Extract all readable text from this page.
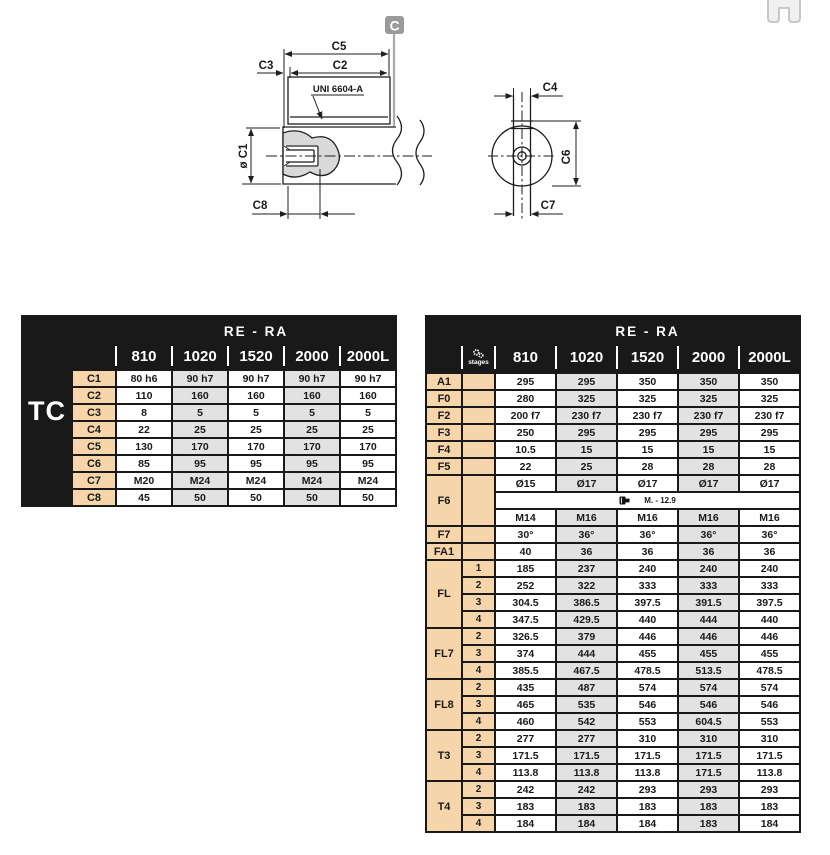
C
C5
C3	C2
UNI 6604-A
ø C1
C8
C4
C6
C7
TC
RE - RA
810	1020	1520	2000	2000L
C1	80 h6	90 h7	90 h7	90 h7	90 h7
C2	110	160	160	160	160
C3	8	5	5	5	5
C4	22	25	25	25	25
C5	130	170	170	170	170
C6	85	95	95	95	95
C7	M20	M24	M24	M24	M24
C8	45	50	50	50	50
RE - RA
stages	810	1020	1520	2000	2000L
A1	295	295	350	350	350
F0	280	325	325	325	325
F2	200 f7	230 f7	230 f7	230 f7	230 f7
F3	250	295	295	295	295
F4	10.5	15	15	15	15
F5	22	25	28	28	28
F6
Ø15	Ø17	Ø17	Ø17	Ø17
M. - 12.9
M14	M16	M16	M16	M16
F7	30°	36°	36°	36°	36°
FA1	40	36	36	36	36
FL
1	185	237	240	240	240
2	252	322	333	333	333
3	304.5	386.5	397.5	391.5	397.5
4	347.5	429.5	440	444	440
FL7
2	326.5	379	446	446	446
3	374	444	455	455	455
4	385.5	467.5	478.5	513.5	478.5
FL8
2	435	487	574	574	574
3	465	535	546	546	546
4	460	542	553	604.5	553
T3
2	277	277	310	310	310
3	171.5	171.5	171.5	171.5	171.5
4	113.8	113.8	113.8	171.5	113.8
T4
2	242	242	293	293	293
3	183	183	183	183	183
4	184	184	184	183	184
